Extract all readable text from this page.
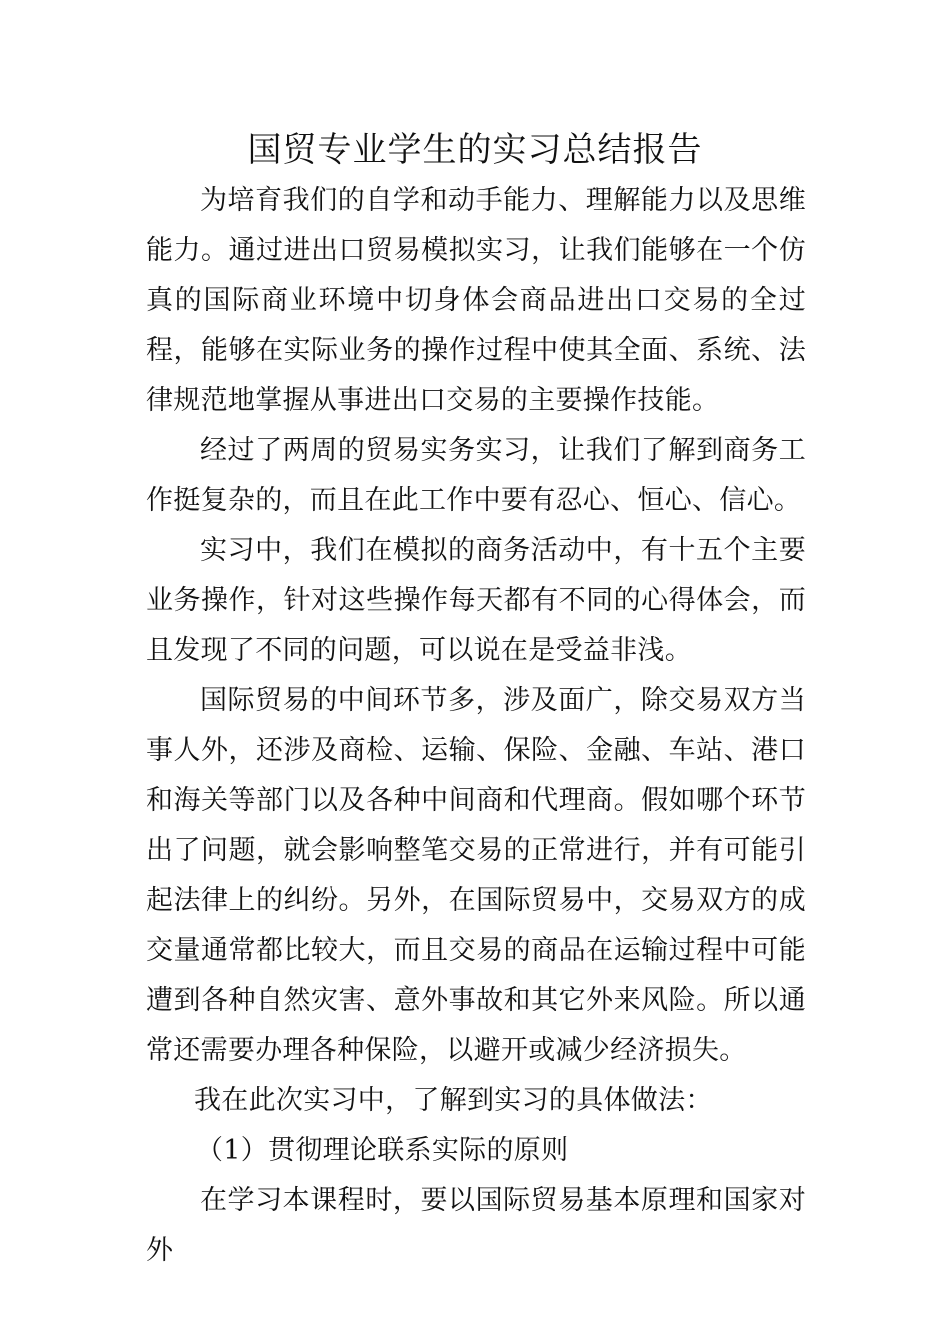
国贸专业学生的实习总结报告

为培育我们的自学和动手能力、理解能力以及思维能力。通过进出口贸易模拟实习，让我们能够在一个仿真的国际商业环境中切身体会商品进出口交易的全过程，能够在实际业务的操作过程中使其全面、系统、法律规范地掌握从事进出口交易的主要操作技能。

经过了两周的贸易实务实习，让我们了解到商务工作挺复杂的，而且在此工作中要有忍心、恒心、信心。

实习中，我们在模拟的商务活动中，有十五个主要业务操作，针对这些操作每天都有不同的心得体会，而且发现了不同的问题，可以说在是受益非浅。

国际贸易的中间环节多，涉及面广，除交易双方当事人外，还涉及商检、运输、保险、金融、车站、港口和海关等部门以及各种中间商和代理商。假如哪个环节出了问题，就会影响整笔交易的正常进行，并有可能引起法律上的纠纷。另外，在国际贸易中，交易双方的成交量通常都比较大，而且交易的商品在运输过程中可能遭到各种自然灾害、意外事故和其它外来风险。所以通常还需要办理各种保险，以避开或减少经济损失。

我在此次实习中，了解到实习的具体做法：

（1）贯彻理论联系实际的原则

在学习本课程时，要以国际贸易基本原理和国家对外
